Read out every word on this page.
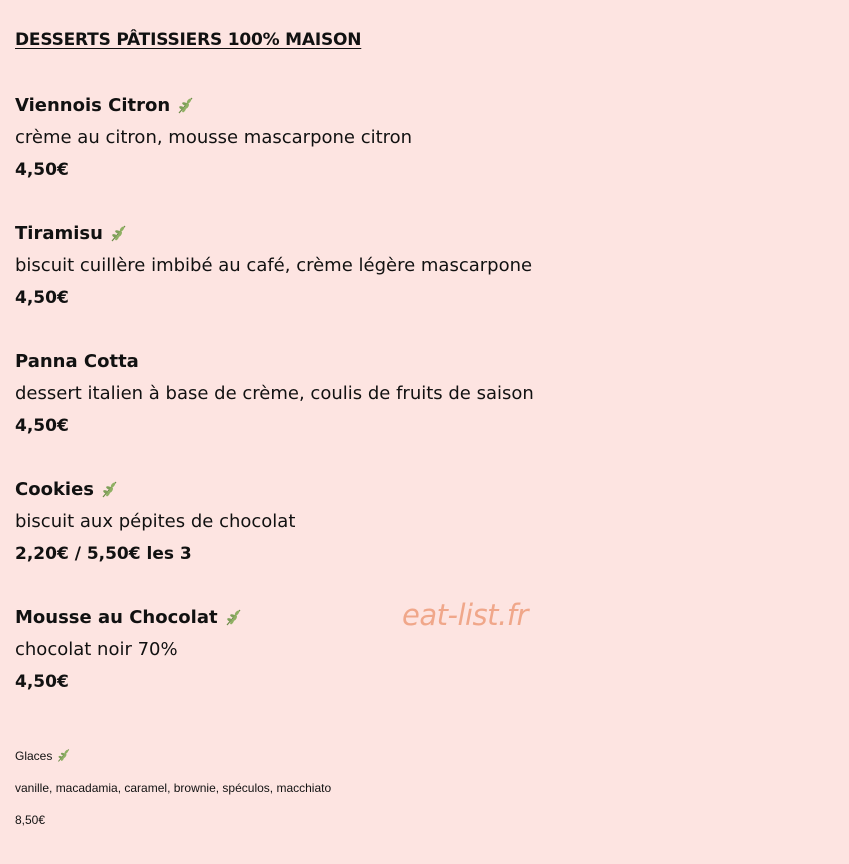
DESSERTS PÂTISSIERS 100% MAISON
Viennois Citron
crème au citron, mousse mascarpone citron
4,50€
Tiramisu
biscuit cuillère imbibé au café, crème légère mascarpone
4,50€
Panna Cotta
dessert italien à base de crème, coulis de fruits de saison
4,50€
Cookies
biscuit aux pépites de chocolat
2,20€ / 5,50€ les 3
Mousse au Chocolat
chocolat noir 70%
4,50€
Glaces
vanille, macadamia, caramel, brownie, spéculos, macchiato
8,50€
eat-list.fr
